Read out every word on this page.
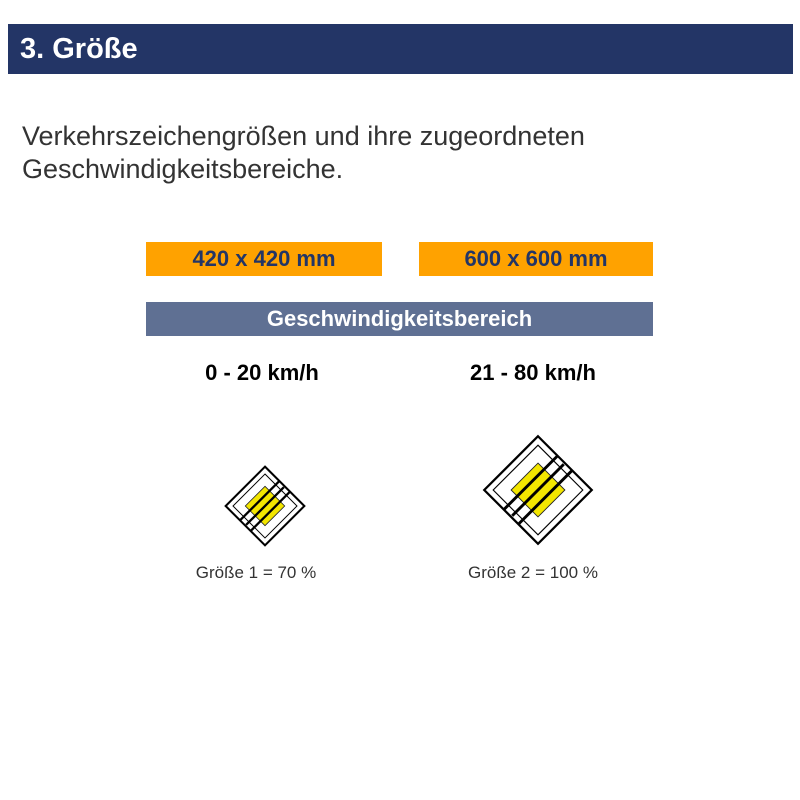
3. Größe
Verkehrszeichengrößen und ihre zugeordneten
Geschwindigkeitsbereiche.
420 x 420 mm	600 x 600 mm
Geschwindigkeitsbereich
0 - 20 km/h	21 - 80 km/h
Größe 1 = 70 %	Größe 2 = 100 %
